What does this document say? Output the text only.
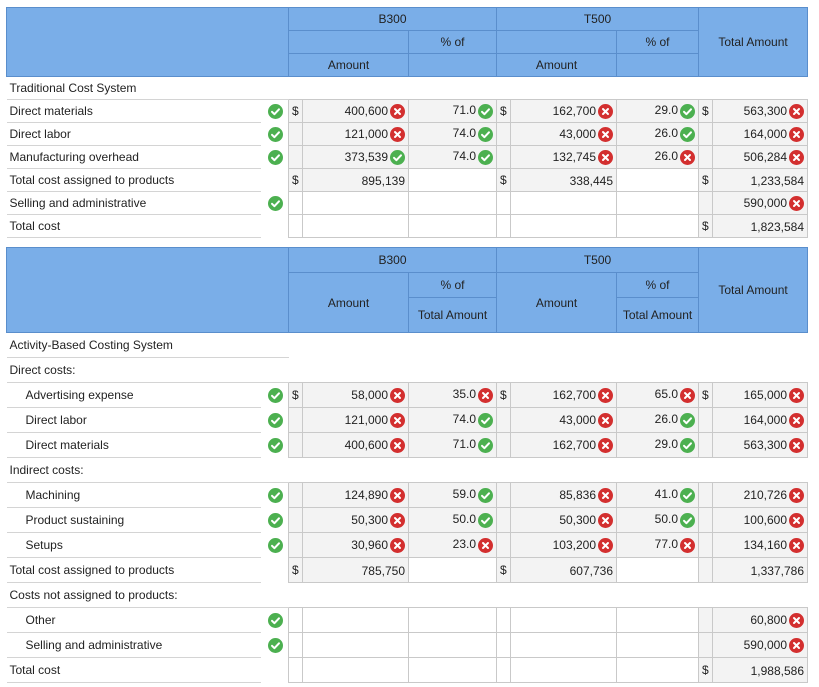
		B300			T500			Total Amount	
				% of			% of		
		Amount			Amount				
Traditional Cost System									
Direct materials		$	400,600	71.0	$	162,700	29.0	$	563,300

Direct labor			121,000	74.0		43,000	26.0		164,000

Manufacturing overhead			373,539	74.0		132,745	26.0		506,284

Total cost assigned to products		$	895,139		$	338,445		$	1,233,584
Selling and administrative									590,000

Total cost								$	1,823,584
		B300			T500			Total Amount	
		Amount		% of	Amount		% of		
				Total Amount			Total Amount		
Activity-Based Costing System									
Direct costs:									
Advertising expense		$	58,000	35.0	$	162,700	65.0	$	165,000

Direct labor			121,000	74.0		43,000	26.0		164,000

Direct materials			400,600	71.0		162,700	29.0		563,300

Indirect costs:									
Machining			124,890	59.0		85,836	41.0		210,726

Product sustaining			50,300	50.0		50,300	50.0		100,600

Setups			30,960	23.0		103,200	77.0		134,160

Total cost assigned to products		$	785,750		$	607,736			1,337,786
Costs not assigned to products:									
Other									60,800

Selling and administrative									590,000

Total cost								$	1,988,586
